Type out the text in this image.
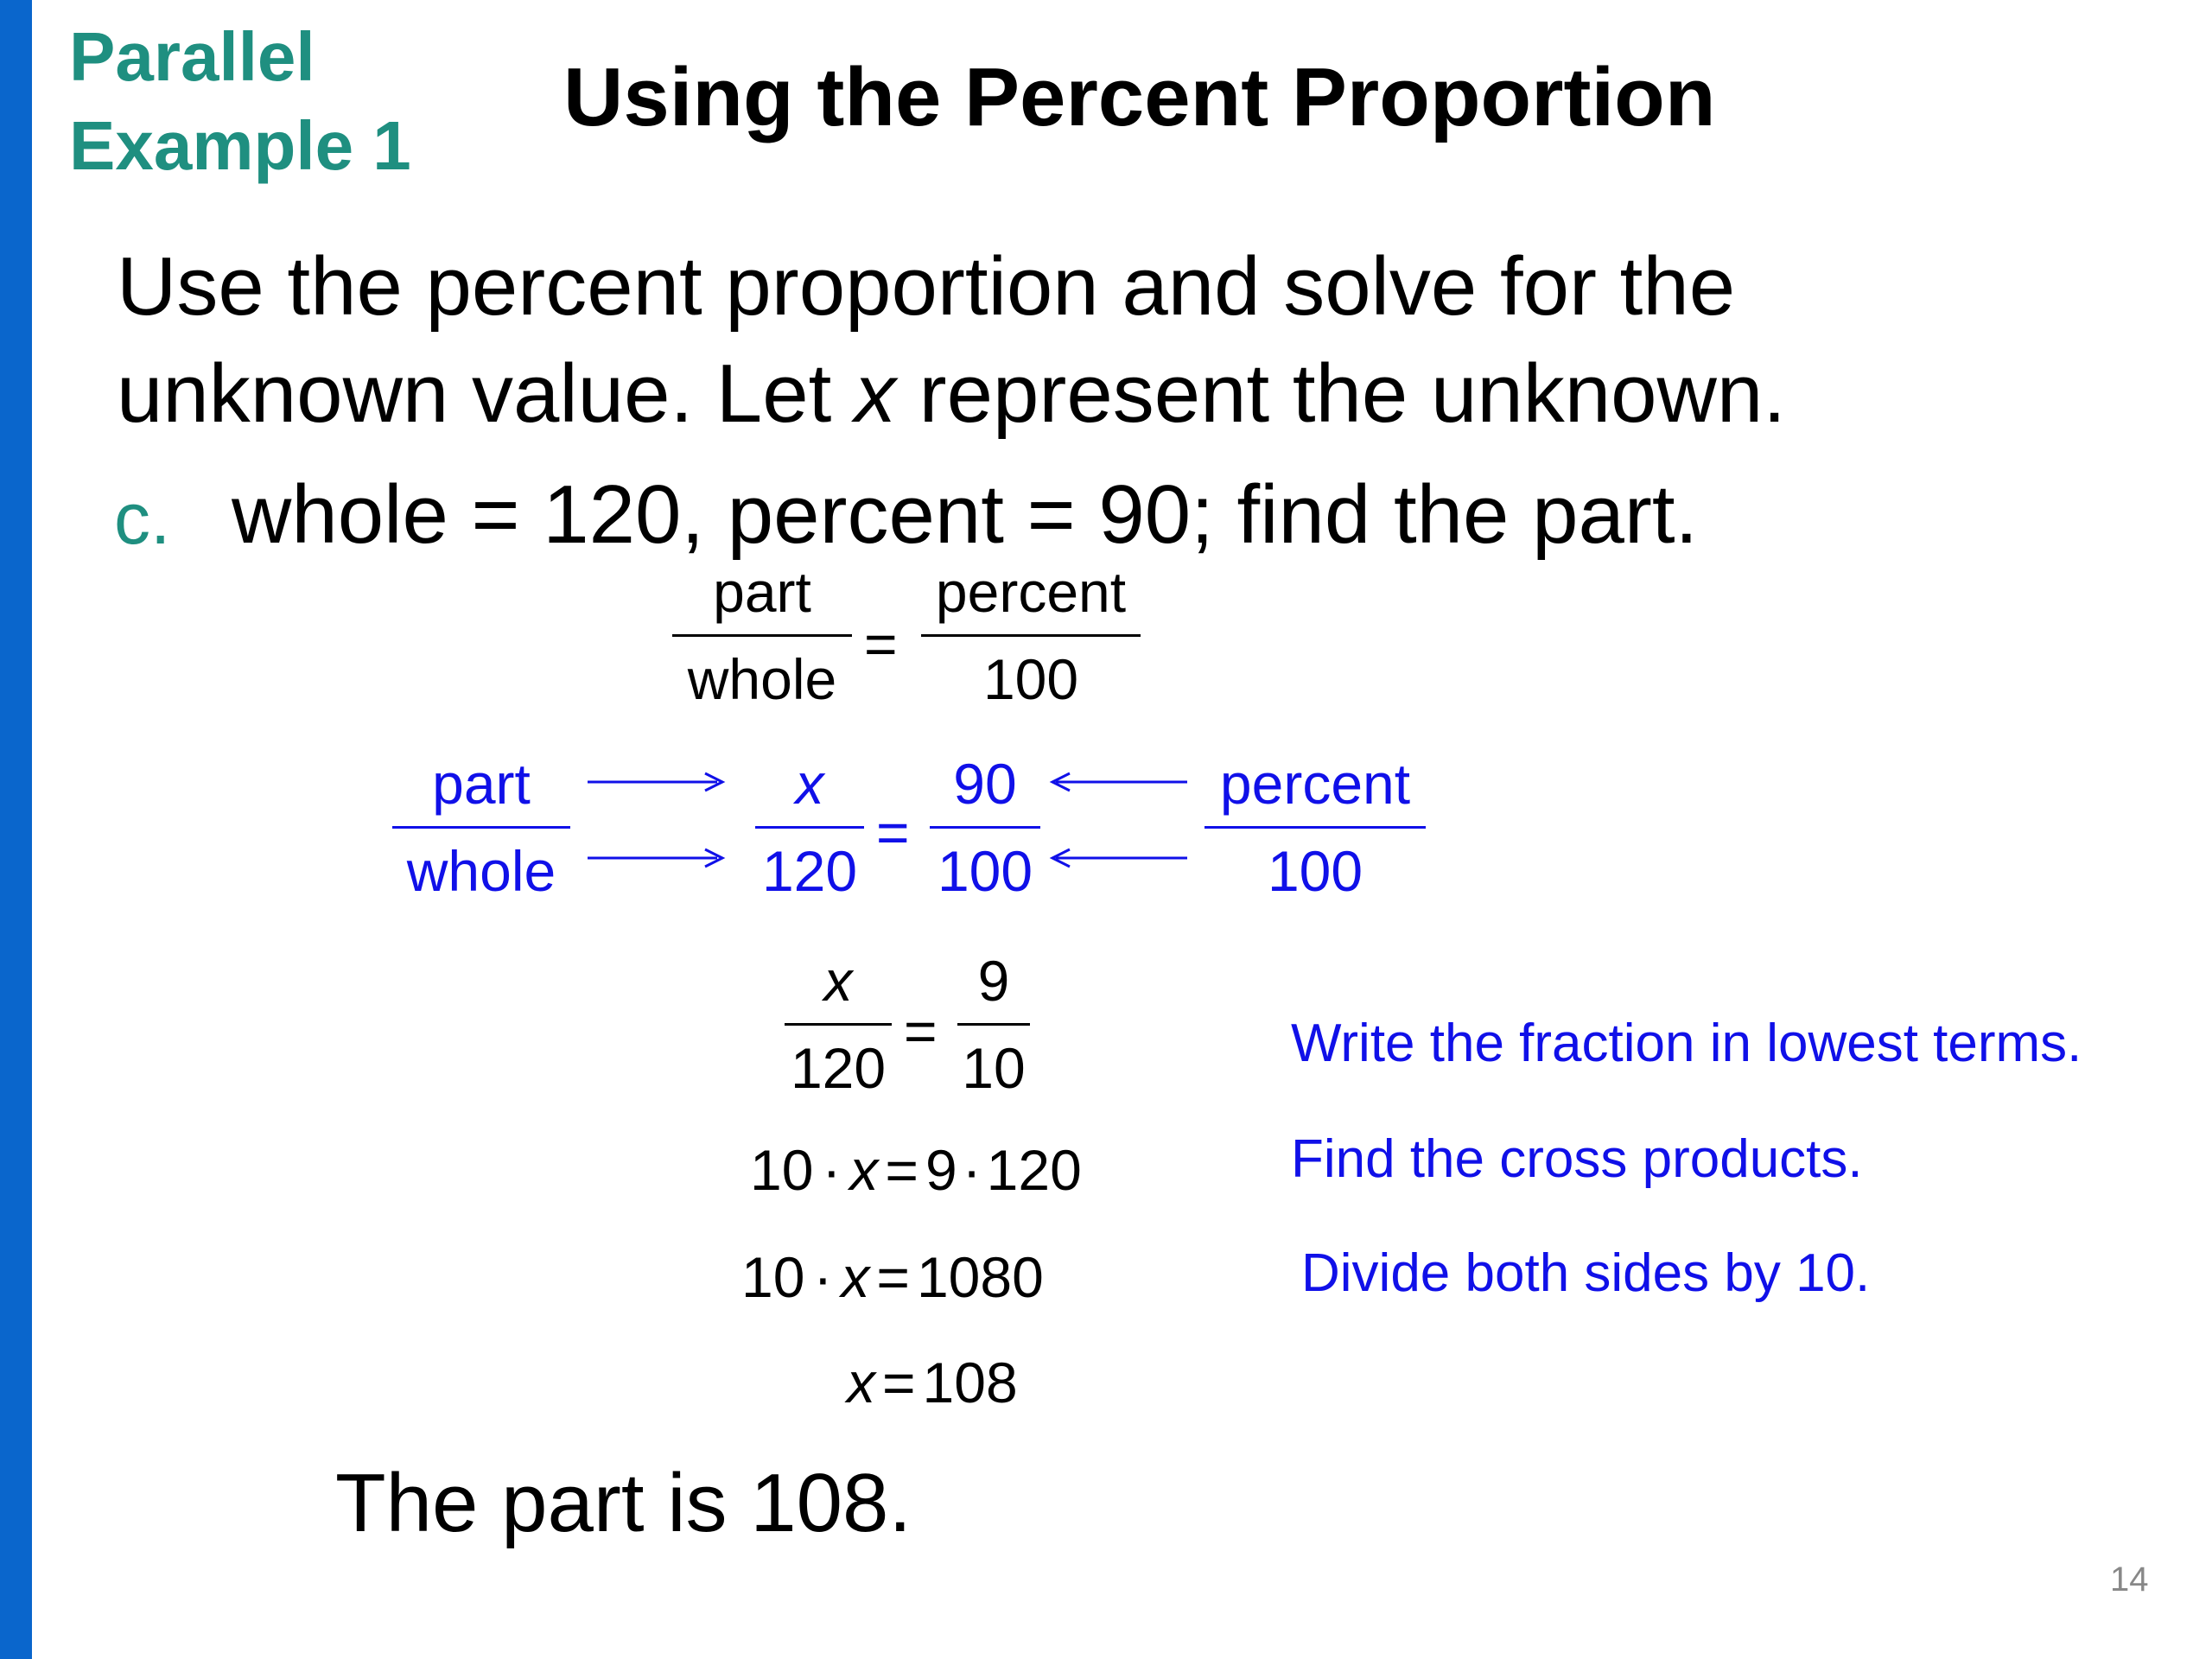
Parallel
Example 1
Using the Percent Proportion
Use the percent proportion and solve for the
unknown value. Let x represent the unknown.
c. whole = 120, percent = 90; find the part.
part
whole
=
percent
100
part
whole
x
120
=
90
100
percent
100
x
120
=
9
10	Write the fraction in lowest terms.
10 · x = 9·120	Find the cross products.
10 · x = 1080	Divide both sides by 10.
x = 108
The part is 108.
14
